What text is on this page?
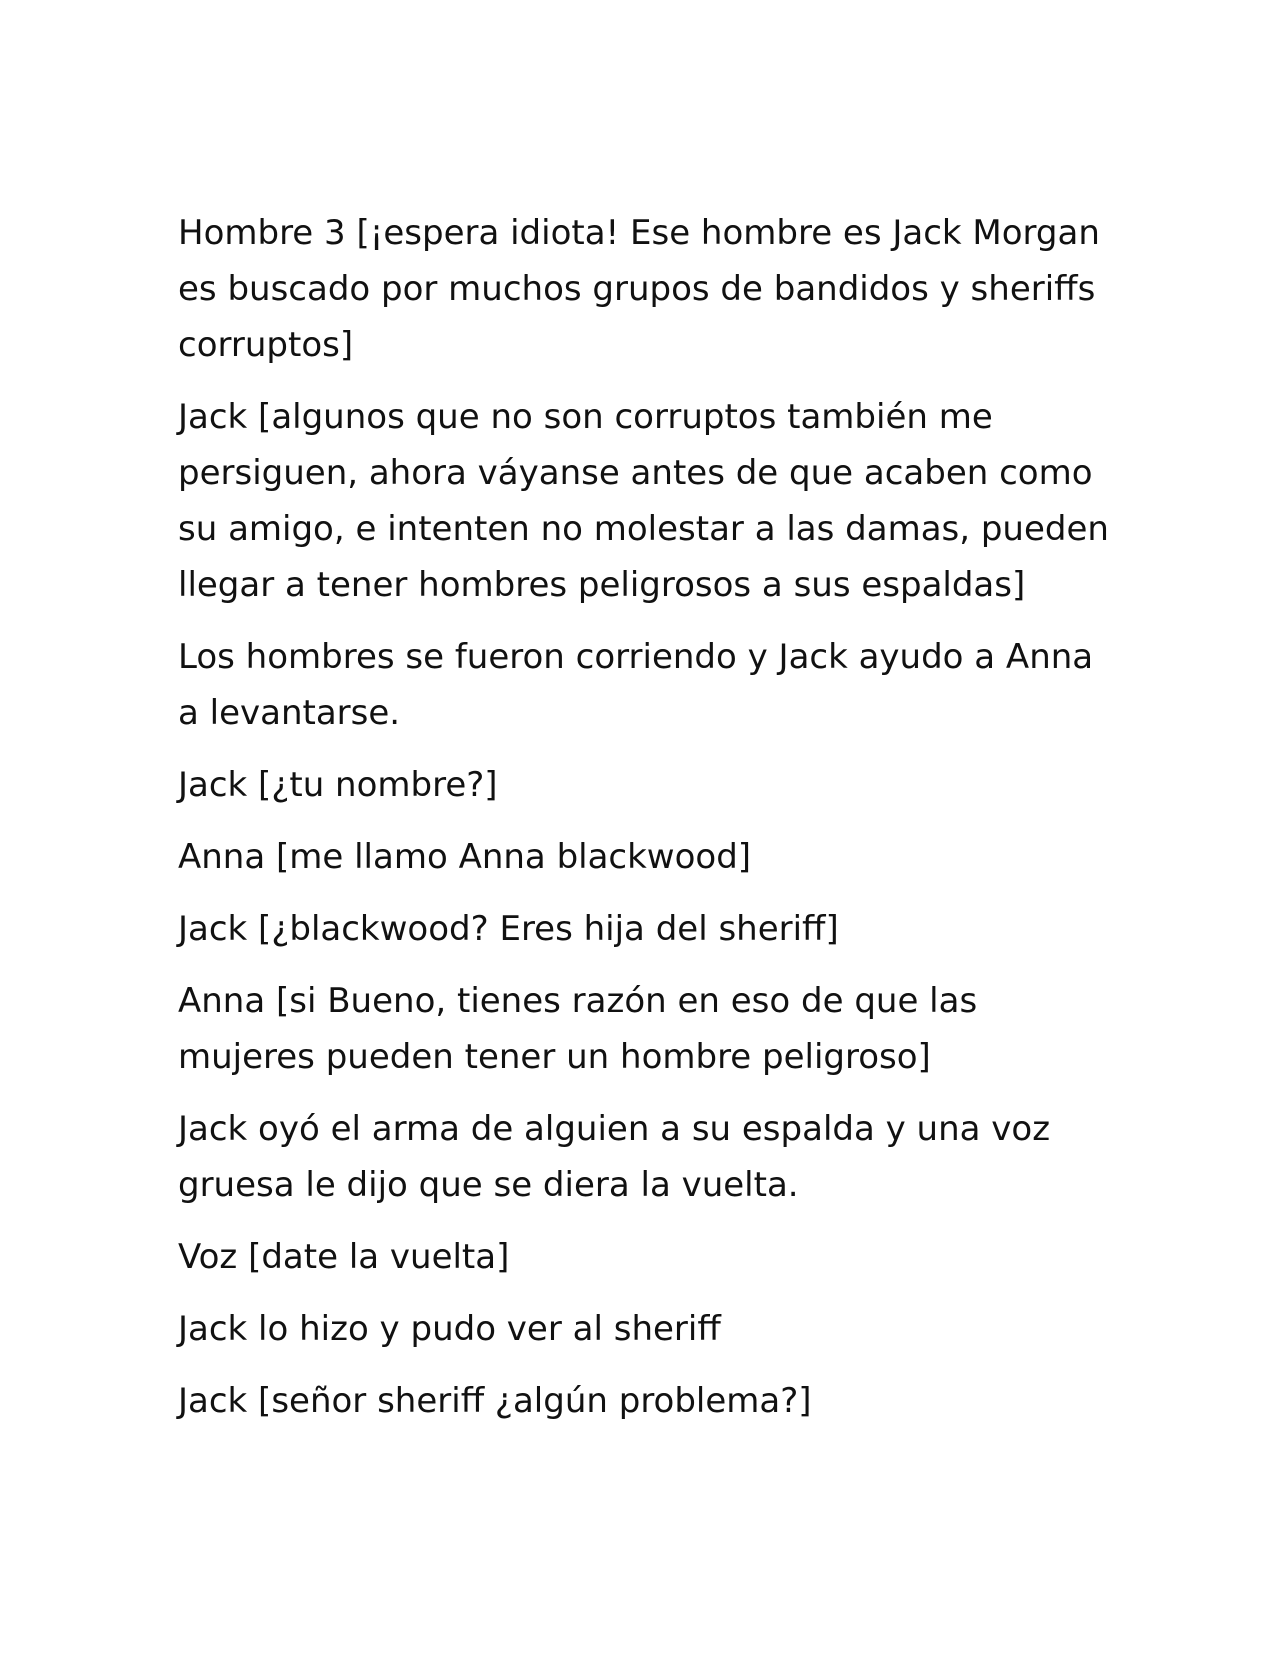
Hombre 3 [¡espera idiota! Ese hombre es Jack Morgan es buscado por muchos grupos de bandidos y sheriffs corruptos]

Jack [algunos que no son corruptos también me persiguen, ahora váyanse antes de que acaben como su amigo, e intenten no molestar a las damas, pueden llegar a tener hombres peligrosos a sus espaldas]

Los hombres se fueron corriendo y Jack ayudo a Anna a levantarse.

Jack [¿tu nombre?]

Anna [me llamo Anna blackwood]

Jack [¿blackwood? Eres hija del sheriff]

Anna [si Bueno, tienes razón en eso de que las mujeres pueden tener un hombre peligroso]

Jack oyó el arma de alguien a su espalda y una voz gruesa le dijo que se diera la vuelta.

Voz [date la vuelta]

Jack lo hizo y pudo ver al sheriff

Jack [señor sheriff ¿algún problema?]
